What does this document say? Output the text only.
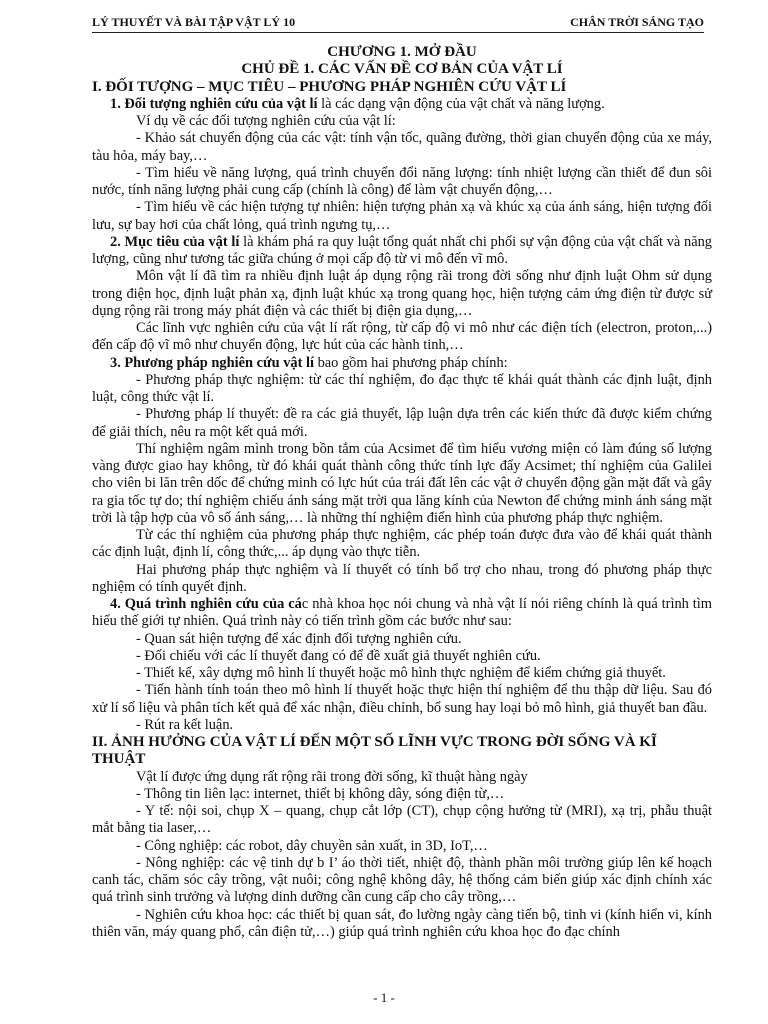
LÝ THUYẾT VÀ BÀI TẬP VẬT LÝ 10	CHÂN TRỜI SÁNG TẠO

CHƯƠNG 1. MỞ ĐẦU

CHỦ ĐỀ 1. CÁC VẤN ĐỀ CƠ BẢN CỦA VẬT LÍ

I. ĐỐI TƯỢNG – MỤC TIÊU – PHƯƠNG PHÁP NGHIÊN CỨU VẬT LÍ

1. Đối tượng nghiên cứu của vật lí là các dạng vận động của vật chất và năng lượng.

Ví dụ về các đối tượng nghiên cứu của vật lí:

- Khảo sát chuyển động của các vật: tính vận tốc, quãng đường, thời gian chuyển động của xe máy, tàu hỏa, máy bay,…

- Tìm hiểu về năng lượng, quá trình chuyển đổi năng lượng: tính nhiệt lượng cần thiết để đun sôi nước, tính năng lượng phải cung cấp (chính là công) để làm vật chuyển động,…

- Tìm hiểu về các hiện tượng tự nhiên: hiện tượng phản xạ và khúc xạ của ánh sáng, hiện tượng đối lưu, sự bay hơi của chất lỏng, quá trình ngưng tụ,…

2. Mục tiêu của vật lí là khám phá ra quy luật tổng quát nhất chi phối sự vận động của vật chất và năng lượng, cũng như tương tác giữa chúng ở mọi cấp độ từ vi mô đến vĩ mô.

Môn vật lí đã tìm ra nhiều định luật áp dụng rộng rãi trong đời sống như định luật Ohm sử dụng trong điện học, định luật phản xạ, định luật khúc xạ trong quang học, hiện tượng cảm ứng điện từ được sử dụng rộng rãi trong máy phát điện và các thiết bị điện gia dụng,…

Các lĩnh vực nghiên cứu của vật lí rất rộng, từ cấp độ vi mô như các điện tích (electron, proton,...) đến cấp độ vĩ mô như chuyển động, lực hút của các hành tinh,…

3. Phương pháp nghiên cứu vật lí bao gồm hai phương pháp chính:

- Phương pháp thực nghiệm: từ các thí nghiệm, đo đạc thực tế khái quát thành các định luật, định luật, công thức vật lí.

- Phương pháp lí thuyết: đề ra các giả thuyết, lập luận dựa trên các kiến thức đã được kiểm chứng để giải thích, nêu ra một kết quả mới.

Thí nghiệm ngâm mình trong bồn tắm của Acsimet để tìm hiểu vương miện có làm đúng số lượng vàng được giao hay không, từ đó khái quát thành công thức tính lực đẩy Acsimet; thí nghiệm của Galilei cho viên bi lăn trên dốc để chứng minh có lực hút của trái đất lên các vật ở chuyển động gần mặt đất và gây ra gia tốc tự do; thí nghiệm chiếu ánh sáng mặt trời qua lăng kính của Newton để chứng minh ánh sáng mặt trời là tập hợp của vô số ánh sáng,… là những thí nghiệm điển hình của phương pháp thực nghiệm.

Từ các thí nghiệm của phương pháp thực nghiệm, các phép toán được đưa vào để khái quát thành các định luật, định lí, công thức,... áp dụng vào thực tiễn.

Hai phương pháp thực nghiệm và lí thuyết có tính bổ trợ cho nhau, trong đó phương pháp thực nghiệm có tính quyết định.

4. Quá trình nghiên cứu của các nhà khoa học nói chung và nhà vật lí nói riêng chính là quá trình tìm hiểu thế giới tự nhiên. Quá trình này có tiến trình gồm các bước như sau:

- Quan sát hiện tượng để xác định đối tượng nghiên cứu.

- Đối chiếu với các lí thuyết đang có để đề xuất giả thuyết nghiên cứu.

- Thiết kế, xây dựng mô hình lí thuyết hoặc mô hình thực nghiệm để kiểm chứng giả thuyết.

- Tiến hành tính toán theo mô hình lí thuyết hoặc thực hiện thí nghiệm để thu thập dữ liệu. Sau đó xử lí số liệu và phân tích kết quả để xác nhận, điều chỉnh, bổ sung hay loại bỏ mô hình, giả thuyết ban đầu.

- Rút ra kết luận.

II. ẢNH HƯỞNG CỦA VẬT LÍ ĐẾN MỘT SỐ LĨNH VỰC TRONG ĐỜI SỐNG VÀ KĨ THUẬT

Vật lí được ứng dụng rất rộng rãi trong đời sống, kĩ thuật hàng ngày

- Thông tin liên lạc: internet, thiết bị không dây, sóng điện từ,…

- Y tế: nội soi, chụp X – quang, chụp cắt lớp (CT), chụp cộng hưởng từ (MRI), xạ trị, phẫu thuật mắt bằng tia laser,…

- Công nghiệp: các robot, dây chuyền sản xuất, in 3D, IoT,…

- Nông nghiệp: các vệ tinh dự b I’ áo thời tiết, nhiệt độ, thành phần môi trường giúp lên kế hoạch canh tác, chăm sóc cây trồng, vật nuôi; công nghệ không dây, hệ thống cảm biến giúp xác định chính xác quá trình sinh trưởng và lượng dinh dưỡng cần cung cấp cho cây trồng,…

- Nghiên cứu khoa học: các thiết bị quan sát, đo lường ngày càng tiến bộ, tinh vi (kính hiển vi, kính thiên văn, máy quang phổ, cân điện tử,…) giúp quá trình nghiên cứu khoa học đo đạc chính

- 1 -
